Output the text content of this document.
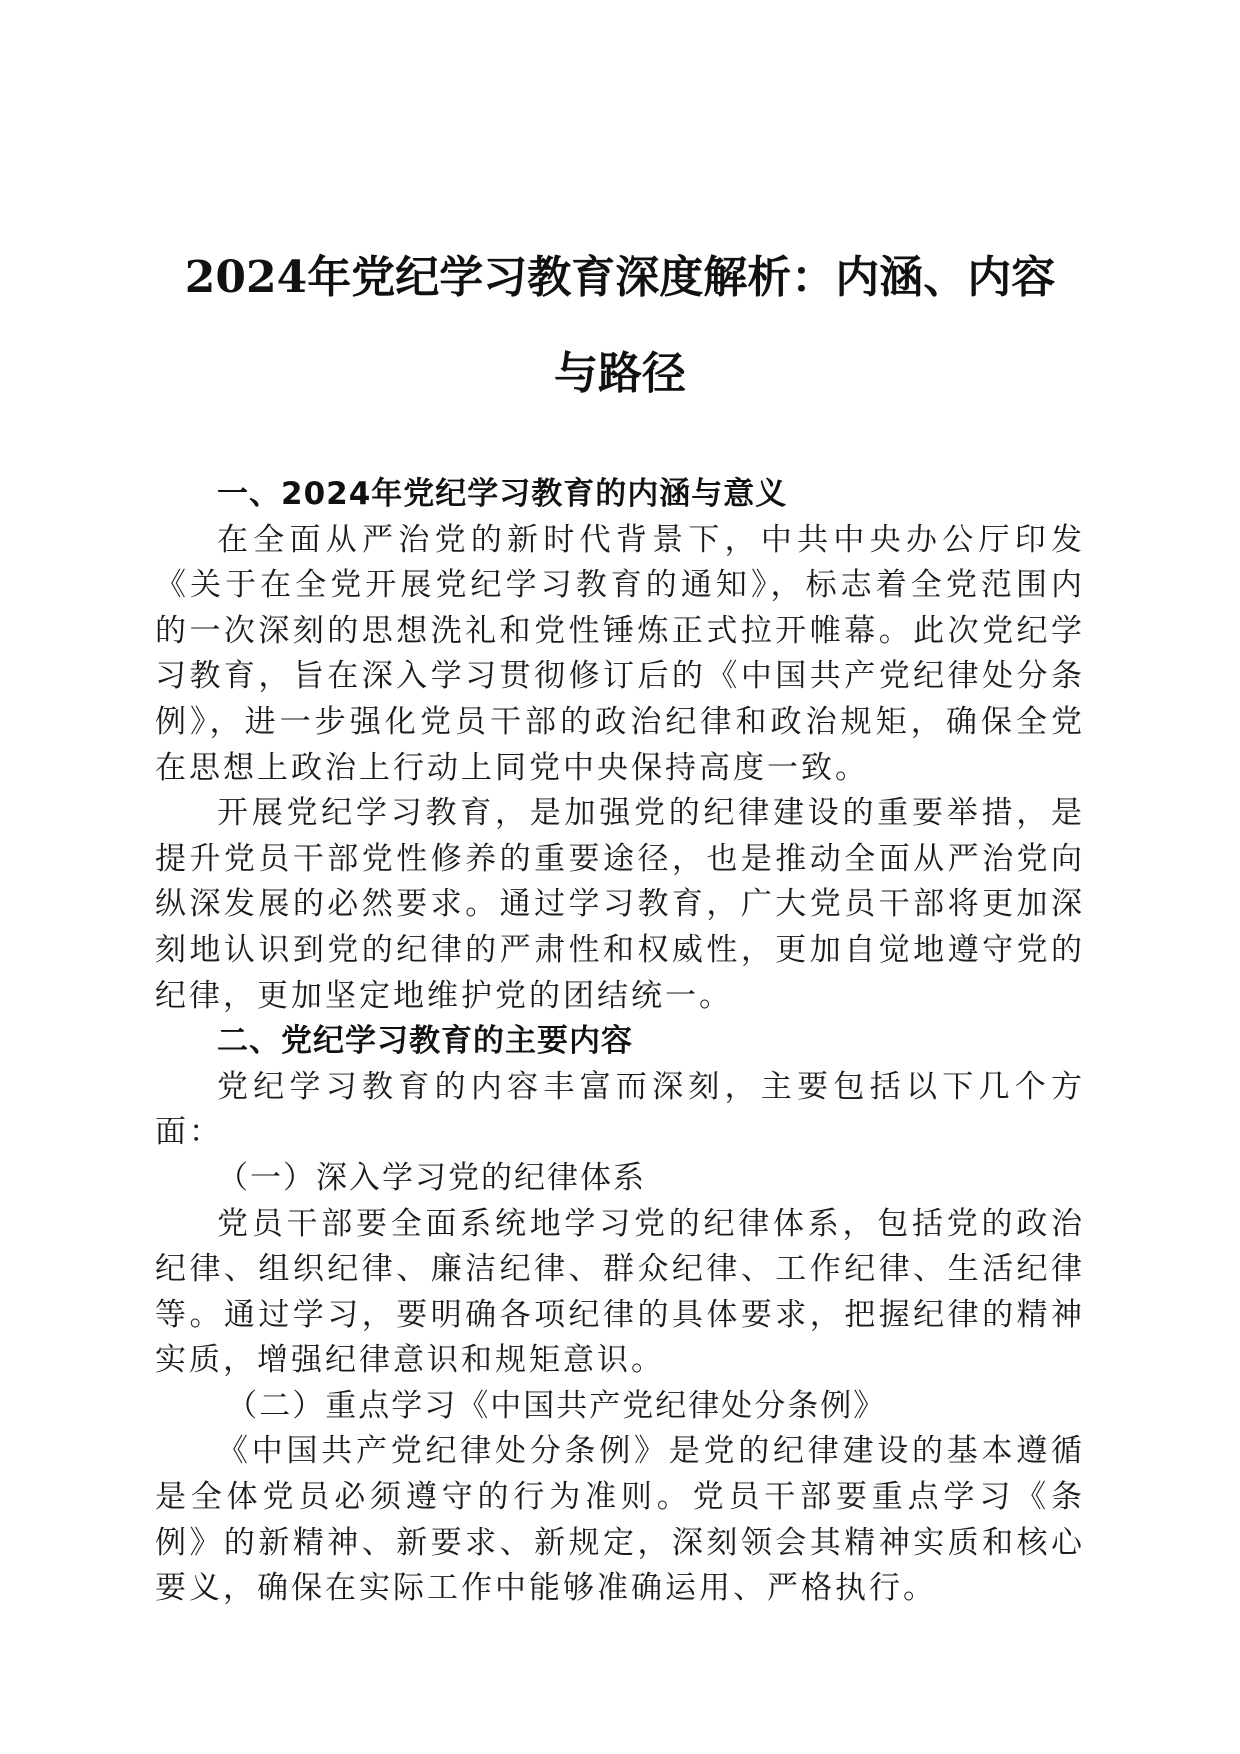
2024年党纪学习教育深度解析：内涵、内容
与路径

一、2024年党纪学习教育的内涵与意义

在全面从严治党的新时代背景下，中共中央办公厅印发《关于在全党开展党纪学习教育的通知》，标志着全党范围内的一次深刻的思想洗礼和党性锤炼正式拉开帷幕。此次党纪学习教育，旨在深入学习贯彻修订后的《中国共产党纪律处分条例》，进一步强化党员干部的政治纪律和政治规矩，确保全党在思想上政治上行动上同党中央保持高度一致。

开展党纪学习教育，是加强党的纪律建设的重要举措，是提升党员干部党性修养的重要途径，也是推动全面从严治党向纵深发展的必然要求。通过学习教育，广大党员干部将更加深刻地认识到党的纪律的严肃性和权威性，更加自觉地遵守党的纪律，更加坚定地维护党的团结统一。

二、党纪学习教育的主要内容

党纪学习教育的内容丰富而深刻，主要包括以下几个方面：

（一）深入学习党的纪律体系

党员干部要全面系统地学习党的纪律体系，包括党的政治纪律、组织纪律、廉洁纪律、群众纪律、工作纪律、生活纪律等。通过学习，要明确各项纪律的具体要求，把握纪律的精神实质，增强纪律意识和规矩意识。

（二）重点学习《中国共产党纪律处分条例》

《中国共产党纪律处分条例》是党的纪律建设的基本遵循是全体党员必须遵守的行为准则。党员干部要重点学习《条例》的新精神、新要求、新规定，深刻领会其精神实质和核心要义，确保在实际工作中能够准确运用、严格执行。
